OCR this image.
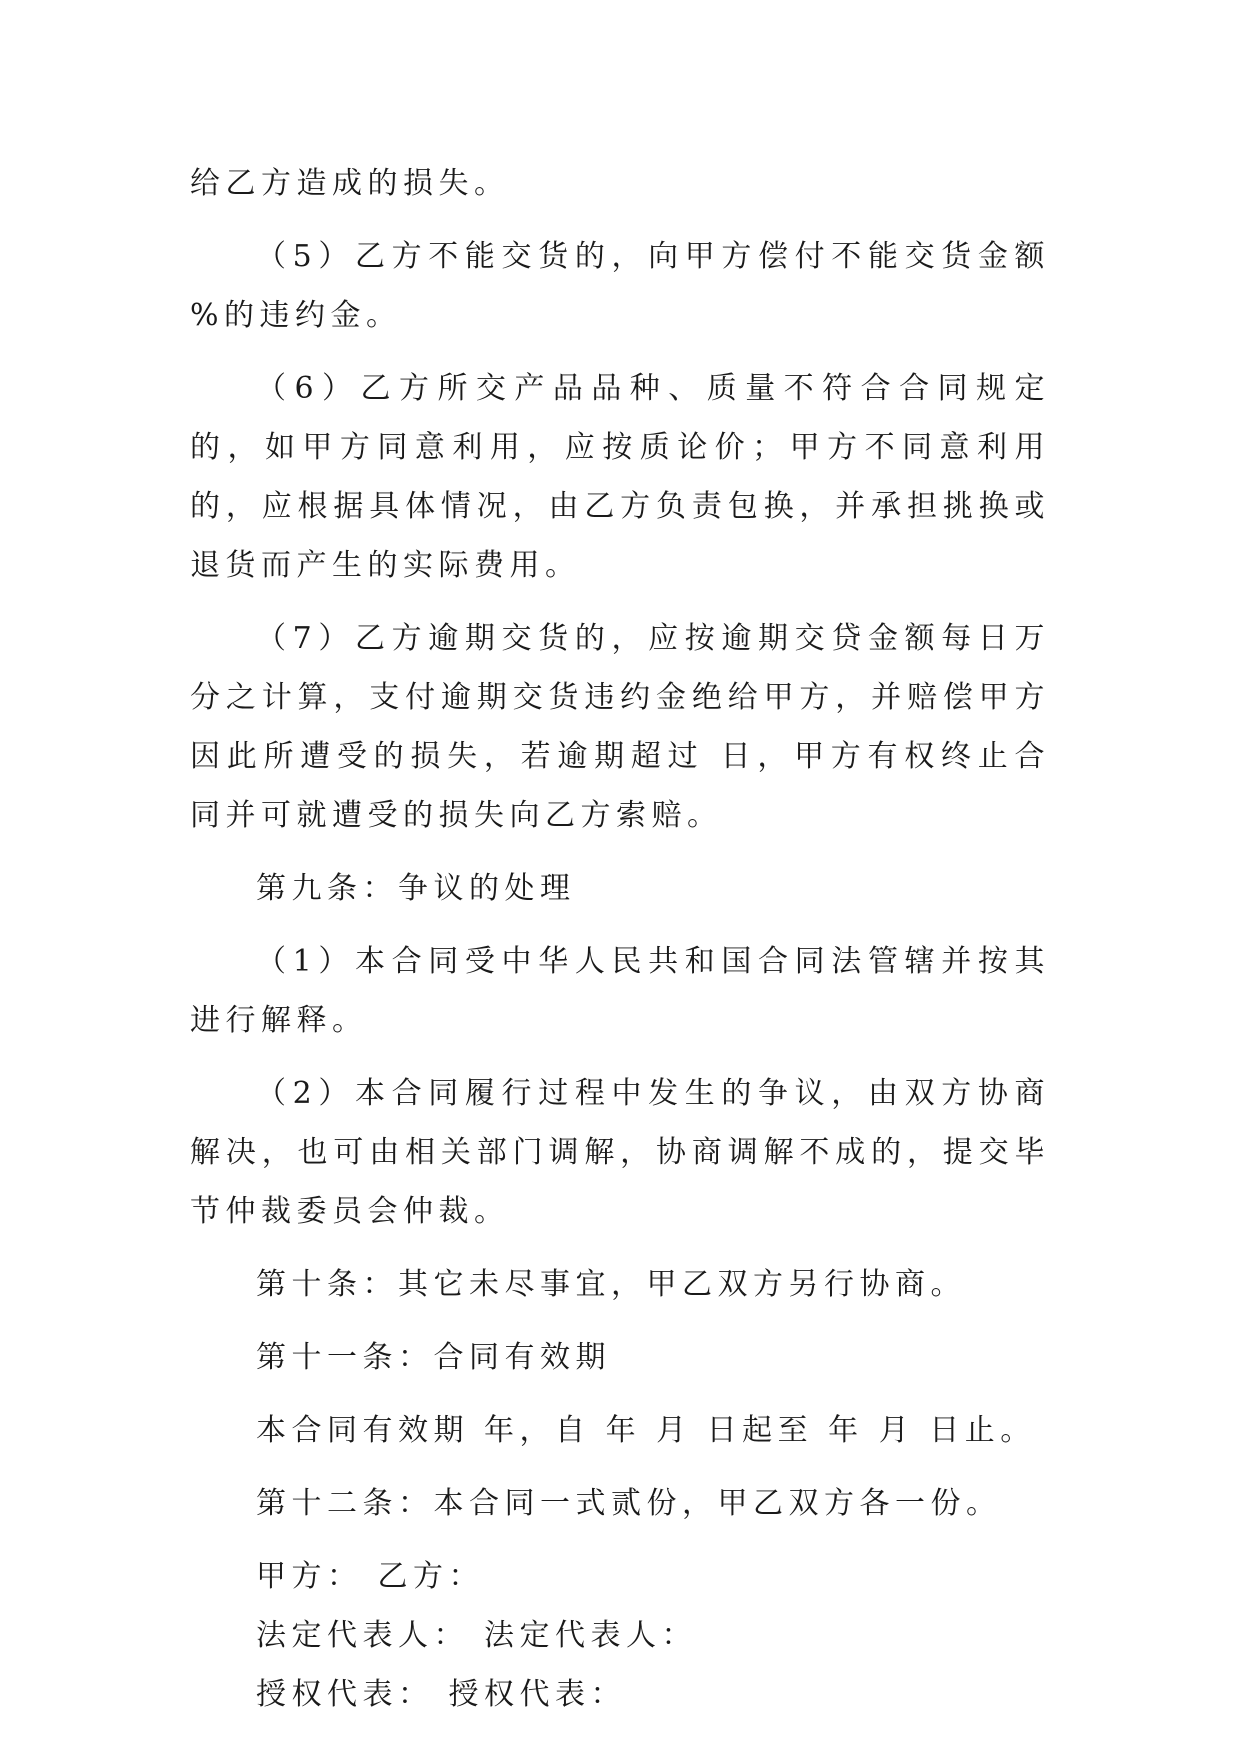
给乙方造成的损失。

（5）乙方不能交货的，向甲方偿付不能交货金额 %的违约金。

（6）乙方所交产品品种、质量不符合合同规定的，如甲方同意利用，应按质论价；甲方不同意利用的，应根据具体情况，由乙方负责包换，并承担挑换或退货而产生的实际费用。

（7）乙方逾期交货的，应按逾期交贷金额每日万分之计算，支付逾期交货违约金绝给甲方，并赔偿甲方因此所遭受的损失，若逾期超过 日，甲方有权终止合同并可就遭受的损失向乙方索赔。

第九条：争议的处理

（1）本合同受中华人民共和国合同法管辖并按其进行解释。

（2）本合同履行过程中发生的争议，由双方协商解决，也可由相关部门调解，协商调解不成的，提交毕节仲裁委员会仲裁。

第十条：其它未尽事宜，甲乙双方另行协商。

第十一条：合同有效期

本合同有效期 年，自 年 月 日起至 年 月 日止。

第十二条：本合同一式贰份，甲乙双方各一份。

甲方： 乙方：

法定代表人： 法定代表人：

授权代表： 授权代表：
